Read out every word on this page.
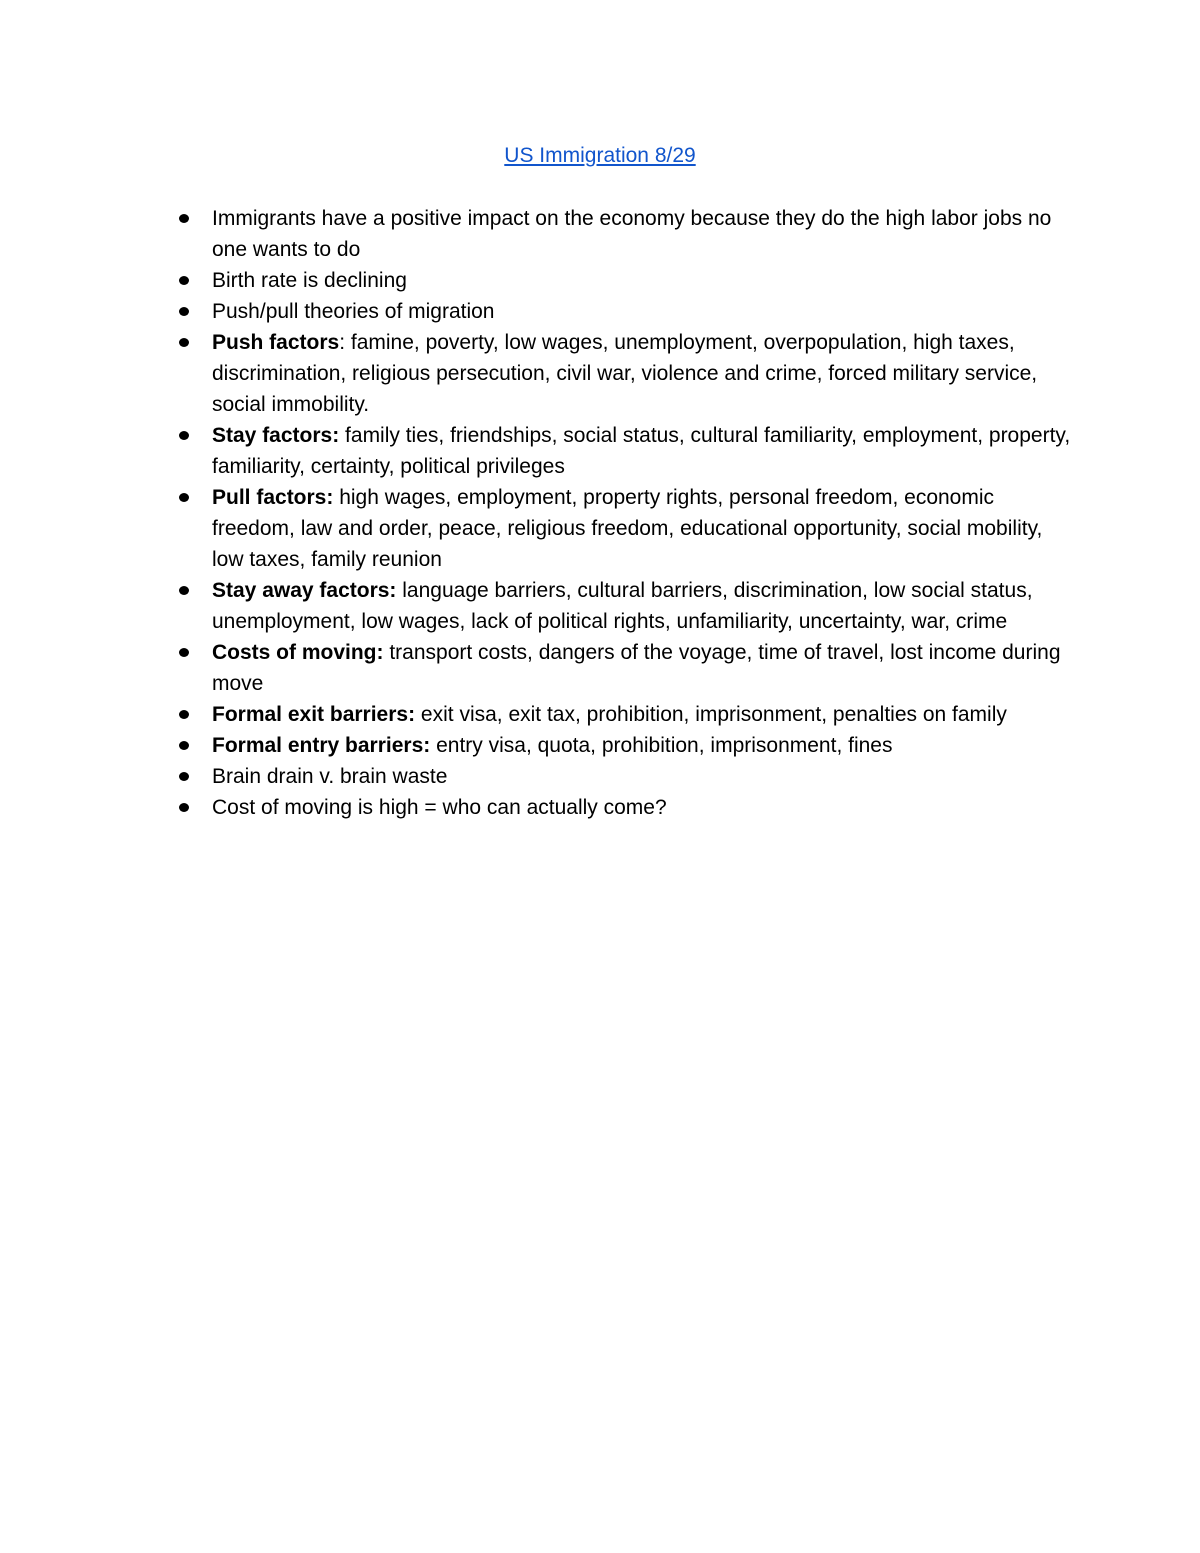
US Immigration 8/29
Immigrants have a positive impact on the economy because they do the high labor jobs no one wants to do
Birth rate is declining
Push/pull theories of migration
Push factors: famine, poverty, low wages, unemployment, overpopulation, high taxes, discrimination, religious persecution, civil war, violence and crime, forced military service, social immobility.
Stay factors: family ties, friendships, social status, cultural familiarity, employment, property, familiarity, certainty, political privileges
Pull factors: high wages, employment, property rights, personal freedom, economic freedom, law and order, peace, religious freedom, educational opportunity, social mobility, low taxes, family reunion
Stay away factors: language barriers, cultural barriers, discrimination, low social status, unemployment, low wages, lack of political rights, unfamiliarity, uncertainty, war, crime
Costs of moving: transport costs, dangers of the voyage, time of travel, lost income during move
Formal exit barriers: exit visa, exit tax, prohibition, imprisonment, penalties on family
Formal entry barriers: entry visa, quota, prohibition, imprisonment, fines
Brain drain v. brain waste
Cost of moving is high = who can actually come?
